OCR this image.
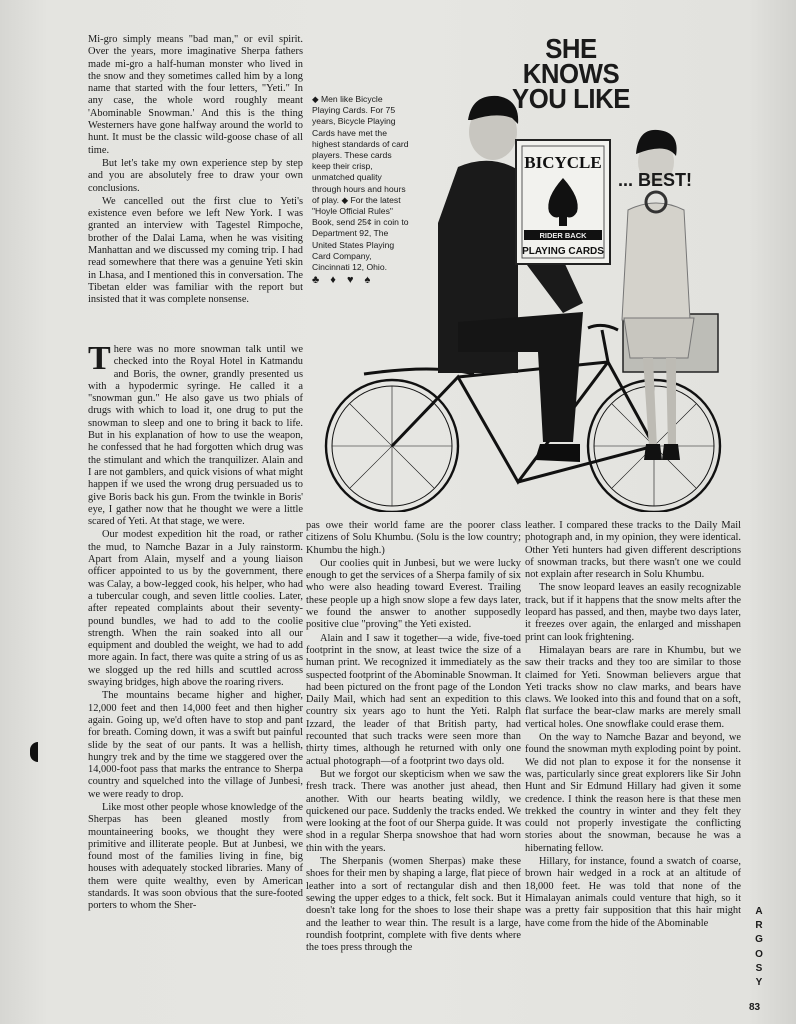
Mi-gro simply means "bad man," or evil spirit. Over the years, more imaginative Sherpa fathers made mi-gro a half-human monster who lived in the snow and they sometimes called him by a long name that started with the four letters, "Yeti." In any case, the whole word roughly meant 'Abominable Snowman.' And this is the thing Westerners have gone halfway around the world to hunt. It must be the classic wild-goose chase of all time.

But let's take my own experience step by step and you are absolutely free to draw your own conclusions.

We cancelled out the first clue to Yeti's existence even before we left New York. I was granted an interview with Tagestel Rimpoche, brother of the Dalai Lama, when he was visiting Manhattan and we discussed my coming trip. I had read somewhere that there was a genuine Yeti skin in Lhasa, and I mentioned this in conversation. The Tibetan elder was familiar with the report but insisted that it was complete nonsense.

There was no more snowman talk until we checked into the Royal Hotel in Katmandu and Boris, the owner, grandly presented us with a hypodermic syringe. He called it a "snowman gun." He also gave us two phials of drugs with which to load it, one drug to put the snowman to sleep and one to bring it back to life. But in his explanation of how to use the weapon, he confessed that he had forgotten which drug was the stimulant and which the tranquilizer. Alain and I are not gamblers, and quick visions of what might happen if we used the wrong drug persuaded us to give Boris back his gun. From the twinkle in Boris' eye, I gather now that he thought we were a little scared of Yeti. At that stage, we were.

Our modest expedition hit the road, or rather the mud, to Namche Bazar in a July rainstorm. Apart from Alain, myself and a young liaison officer appointed to us by the government, there was Calay, a bow-legged cook, his helper, who had a tubercular cough, and seven little coolies. Later, after repeated complaints about their seventy-pound bundles, we had to add to the coolie strength. When the rain soaked into all our equipment and doubled the weight, we had to add more again. In fact, there was quite a string of us as we slogged up the red hills and scuttled across swaying bridges, high above the roaring rivers.

The mountains became higher and higher, 12,000 feet and then 14,000 feet and then higher again. Going up, we'd often have to stop and pant for breath. Coming down, it was a swift but painful slide by the seat of our pants. It was a hellish, hungry trek and by the time we staggered over the 14,000-foot pass that marks the entrance to Sherpa country and squelched into the village of Junbesi, we were ready to drop.

Like most other people whose knowledge of the Sherpas has been gleaned mostly from mountaineering books, we thought they were primitive and illiterate people. But at Junbesi, we found most of the families living in fine, big houses with adequately stocked libraries. Many of them were quite wealthy, even by American standards. It was soon obvious that the sure-footed porters to whom the Sher-

pas owe their world fame are the poorer class citizens of Solu Khumbu. (Solu is the low country; Khumbu the high.)

Our coolies quit in Junbesi, but we were lucky enough to get the services of a Sherpa family of six who were also heading toward Everest. Trailing these people up a high snow slope a few days later, we found the answer to another supposedly positive clue "proving" the Yeti existed.

Alain and I saw it together—a wide, five-toed footprint in the snow, at least twice the size of a human print. We recognized it immediately as the suspected footprint of the Abominable Snowman. It had been pictured on the front page of the London Daily Mail, which had sent an expedition to this country six years ago to hunt the Yeti. Ralph Izzard, the leader of that British party, had recounted that such tracks were seen more than thirty times, although he returned with only one actual photograph—of a footprint two days old.

But we forgot our skepticism when we saw the fresh track. There was another just ahead, then another. With our hearts beating wildly, we quickened our pace. Suddenly the tracks ended. We were looking at the foot of our Sherpa guide. It was shod in a regular Sherpa snowshoe that had worn thin with the years.

The Sherpanis (women Sherpas) make these shoes for their men by shaping a large, flat piece of leather into a sort of rectangular dish and then sewing the upper edges to a thick, felt sock. But it doesn't take long for the shoes to lose their shape and the leather to wear thin. The result is a large, roundish footprint, complete with five dents where the toes press through the

leather. I compared these tracks to the Daily Mail photograph and, in my opinion, they were identical. Other Yeti hunters had given different descriptions of snowman tracks, but there wasn't one we could not explain after research in Solu Khumbu.

The snow leopard leaves an easily recognizable track, but if it happens that the snow melts after the leopard has passed, and then, maybe two days later, it freezes over again, the enlarged and misshapen print can look frightening.

Himalayan bears are rare in Khumbu, but we saw their tracks and they too are similar to those claimed for Yeti. Snowman believers argue that Yeti tracks show no claw marks, and bears have claws. We looked into this and found that on a soft, flat surface the bear-claw marks are merely small vertical holes. One snowflake could erase them.

On the way to Namche Bazar and beyond, we found the snowman myth exploding point by point. We did not plan to expose it for the nonsense it was, particularly since great explorers like Sir John Hunt and Sir Edmund Hillary had given it some credence. I think the reason here is that these men trekked the country in winter and they felt they could not properly investigate the conflicting stories about the snowman, because he was a hibernating fellow.

Hillary, for instance, found a swatch of coarse, brown hair wedged in a rock at an altitude of 18,000 feet. He was told that none of the Himalayan animals could venture that high, so it was a pretty fair supposition that this hair might have come from the hide of the Abominable

BICYCLE
RIDER BACK
PLAYING CARDS
SHE KNOWS YOU LIKE
... BEST!
◆ Men like Bicycle Playing Cards. For 75 years, Bicycle Playing Cards have met the highest standards of card players. These cards keep their crisp, unmatched quality through hours and hours of play. ◆ For the latest "Hoyle Official Rules" Book, send 25¢ in coin to Department 92, The United States Playing Card Company, Cincinnati 12, Ohio.
♣ ♦ ♥ ♠
A
R
G
O
S
Y
83
